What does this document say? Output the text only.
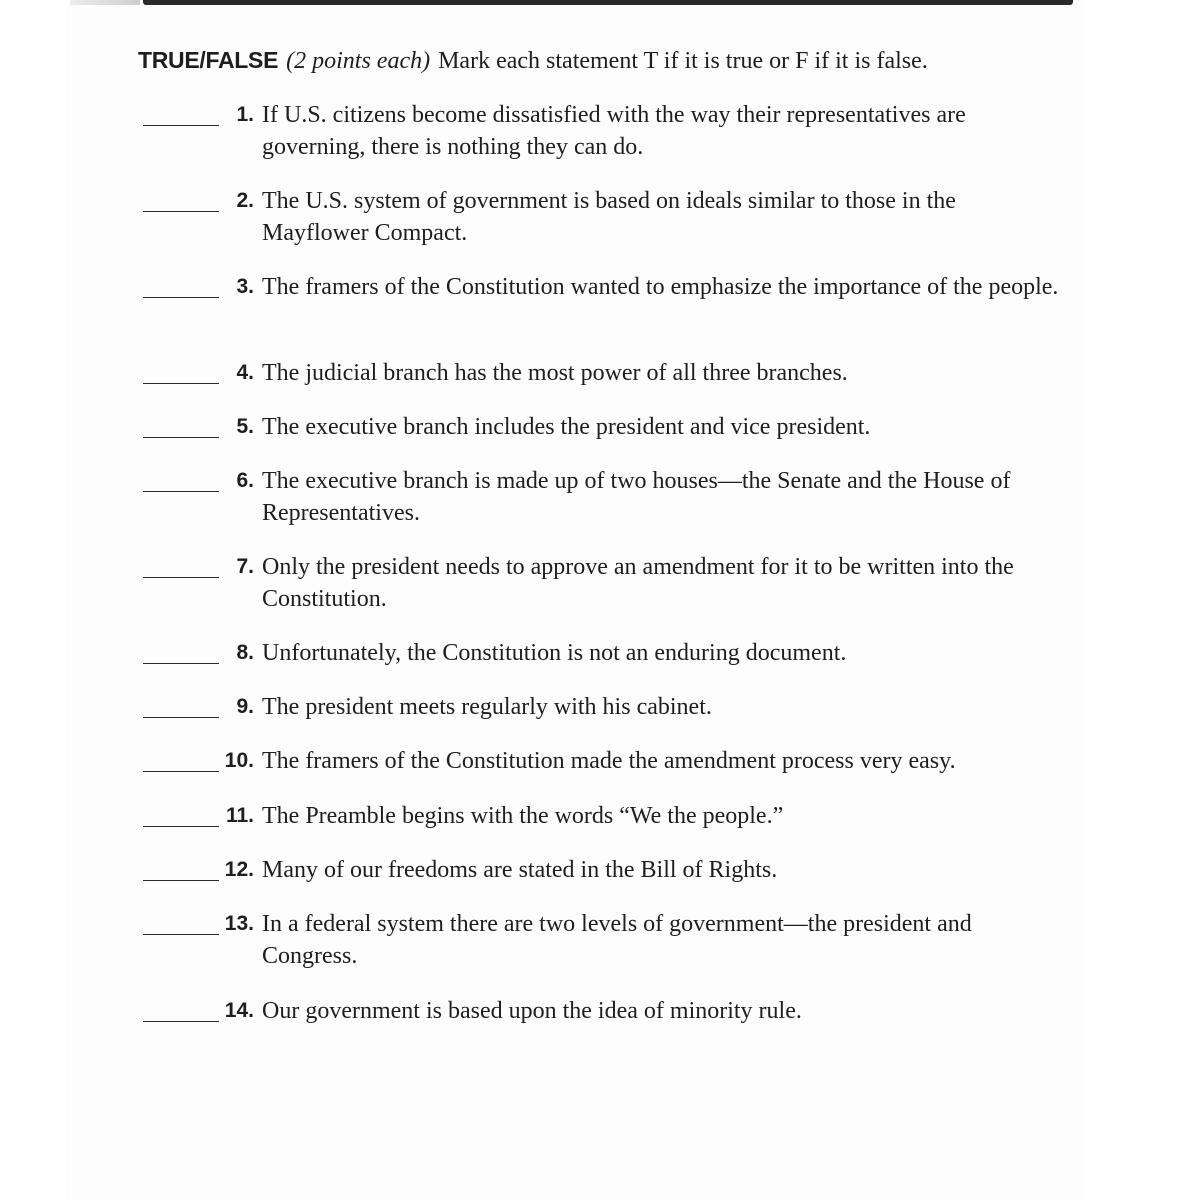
TRUE/FALSE (2 points each) Mark each statement T if it is true or F if it is false.
1. If U.S. citizens become dissatisfied with the way their representatives are governing, there is nothing they can do.
2. The U.S. system of government is based on ideals similar to those in the Mayflower Compact.
3. The framers of the Constitution wanted to emphasize the importance of the people.
4. The judicial branch has the most power of all three branches.
5. The executive branch includes the president and vice president.
6. The executive branch is made up of two houses—the Senate and the House of Representatives.
7. Only the president needs to approve an amendment for it to be written into the Constitution.
8. Unfortunately, the Constitution is not an enduring document.
9. The president meets regularly with his cabinet.
10. The framers of the Constitution made the amendment process very easy.
11. The Preamble begins with the words “We the people.”
12. Many of our freedoms are stated in the Bill of Rights.
13. In a federal system there are two levels of government—the president and Congress.
14. Our government is based upon the idea of minority rule.
